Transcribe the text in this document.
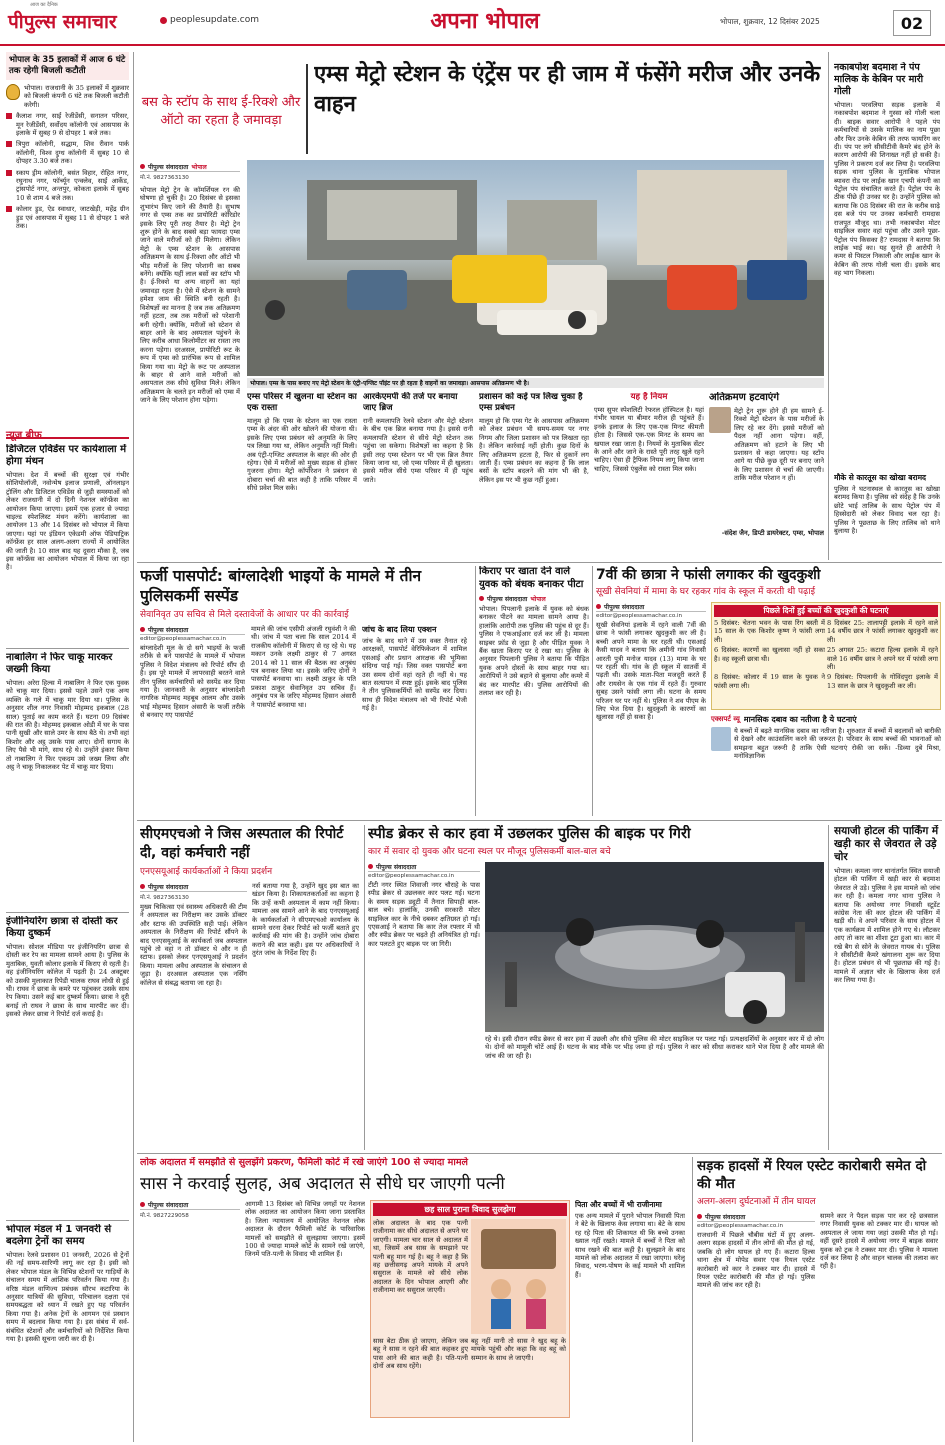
पीपुल्स समाचार
आज का दैनिक
peoplesupdate.com	अपना भोपाल	भोपाल, शुक्रवार, 12 दिसंबर 2025	02
भोपाल के 35 इलाकों में आज 6 घंटे तक रहेगी बिजली कटौती
भोपाल। राजधानी के 35 इलाकों में शुक्रवार को बिजली कंपनी 6 घंटे तक बिजली कटौती करेगी।
कैलाश नगर, साईं रेजीडेंसी, सनातन परिसर, मून रेजीडेंसी, सर्वोदय कॉलोनी एवं आसपास के इलाके में सुबह 9 से दोपहर 1 बजे तक।
त्रिपुरा कॉलोनी, सद्धाम, शिव रीवान पार्क कॉलोनी, विश्व दुग्ध कॉलोनी में सुबह 10 से दोपहर 3.30 बजे तक।
स्काय ड्रीम कॉलोनी, बसंत विहार, रोहित नगर, रघुनाथ नगर, फॉर्च्यून एन्क्लेव, साईं आर्केड, ट्रांसपोर्ट नगर, अन्तपुर, कोकता इलाके में सुबह 10 से शाम 4 बजे तक।
कोलार ड्रुड, ऐड स्वाधार, जाटखेड़ी, महेंद्र ग्रीन ड्रुड एवं आसपास में सुबह 11 से दोपहर 1 बजे तक।
न्यूज ब्रीफ
डिजिटल एविडेंस पर कार्यशाला में होगा मंथन
भोपाल। देश में बच्चों की सुरक्षा एवं गंभीर सोशियोलॉजी, नवोन्मेष इलाज प्रणाली, ऑनलाइन ट्रोलिंग और डिजिटल एविडेंस से जुड़ी समस्याओं को लेकर राजधानी में दो दिनी नेशनल कॉन्फ्रेंस का आयोजन किया जाएगा। इसमें एक हजार से ज्यादा चाइल्ड स्पेशलिस्ट मंथन करेंगे। कार्यशाला का आयोजन 13 और 14 दिसंबर को भोपाल में किया जाएगा। यहां पर इंडियन एकेडमी ऑफ पेडियाट्रिक कॉन्फ्रेंस हर साल अलग-अलग राज्यों में आयोजित की जाती है। 10 साल बाद यह दूसरा मौका है, जब इस कॉन्फ्रेंस का आयोजन भोपाल में किया जा रहा है।
नाबालिग ने फिर चाकू मारकर जख्मी किया
भोपाल। अरेरा हिल्स में नाबालिग ने फिर एक युवक को चाकू मार दिया। इससे पहले उसने एक अन्य व्यक्ति के गले में चाकू मार दिया था। पुलिस के अनुसार शील नगर निवासी मोहम्मद इकबाल (28 साल) पुताई का काम करते हैं। घटना 09 दिसंबर की रात की है। मोहम्मद इकबाल ओडी में घर के पास पानी सुखी और साले उमर के साथ बैठे थे। तभी वहां किशोर और अट्ठ उसके पास आए। दोनों सगाय के लिए पैसे भी मांगे, साथ रहे थे। उन्होंने इंकार किया तो नाबालिग ने फिर एकदम उसे जख्म लिया और अट्ठ ने चाकू निकालकर पेट में चाकू मार दिया।
इंजीनियरिंग छात्रा से दोस्ती कर किया दुष्कर्म
भोपाल। सोशल मीडिया पर इंजीनियरिंग छात्रा से दोस्ती कर रेप का मामला सामने आया है। पुलिस के मुताबिक, युवती कोलार इलाके में किराए से रहती है। वह इंजीनियरिंग कॉलेज में पढ़ती है। 24 अक्टूबर को उसकी मुलाकात रिपेडी चालक राघव लोधी से हुई थी। राघव ने छात्रा के कमरे पर पहुंचकर उसके साथ रेप किया। उसने कई बार दुष्कर्म किया। छात्रा ने दूरी बनाई तो राघव ने छात्रा के साथ मारपीट कर दी। इसको लेकर छात्रा ने रिपोर्ट दर्ज कराई है।
भोपाल मंडल में 1 जनवरी से बदलेगा ट्रेनों का समय
भोपाल। रेलवे प्रशासन 01 जनवरी, 2026 से ट्रेनों की नई समय-सारिणी लागू कर रहा है। इसी को लेकर भोपाल मंडल के विभिन्न स्टेशनों पर गाड़ियों के संचालन समय में आंशिक परिवर्तन किया गया है। वरिष्ठ मंडल वाणिज्य प्रबंधक सौरभ कटारिया के अनुसार यात्रियों की सुविधा, परिचालन दक्षता एवं समयबद्धता को ध्यान में रखते हुए यह परिवर्तन किया गया है। अनेक ट्रेनों के आगमन एवं प्रस्थान समय में बदलाव किया गया है। इस संबंध में सर्व-संबंधित स्टेशनों और कर्मचारियों को निर्देशित किया गया है। इसकी सूचना जारी कर दी है।
बस के स्टॉप के साथ ई-रिक्शे और ऑटो का रहता है जमावड़ा
एम्स मेट्रो स्टेशन के एंट्रेंस पर ही जाम में फंसेंगे मरीज और उनके वाहन
पीपुल्स संवाददाता भोपाल
मो.नं. 9827363130
भोपाल मेट्रो ट्रेन के कॉमर्शियल रन की घोषणा हो चुकी है। 20 दिसंबर से इसका शुभारंभ किए जाने की तैयारी है। सुभाष नगर से एम्स तक का प्रायोरिटी कॉरिडोर इसके लिए पूरी तरह तैयार है। मेट्रो ट्रेन शुरू होने के बाद सबसे बड़ा फायदा एम्स जाने वाले मरीजों को ही मिलेगा। लेकिन मेट्रो के एम्स स्टेशन के आसपास अतिक्रमण के साथ ई-रिक्शा और ऑटो भी भीड़ मरीजों के लिए परेशानी का सबब बनेंगे। क्योंकि यहीं लाल बसों का स्टॉप भी है। ई-रिक्शे या अन्य वाहनों का यहां जमावड़ा रहता है। ऐसे में स्टेशन के सामने हमेशा जाम की स्थिति बनी रहती है। विशेषज्ञों का मानना है जब तक अतिक्रमण नहीं हटता, तब तक मरीजों को परेशानी बनी रहेगी। क्योंकि, मरीजों को स्टेशन से बाहर आने के बाद अस्पताल पहुंचने के लिए करीब आधा किलोमीटर का रास्ता तय करना पड़ेगा। दरअसल, प्रायोरिटी रूट के रूप में एम्स को प्रारंभिक रूप से शामिल किया गया था। मेट्रो के रूट पर अस्पताल के बाहर से आने वाले मरीजों को असपताल तक सीधे सुविधा मिले। लेकिन अतिक्रमण के चलते इन मरीजों को एम्स में जाने के लिए परेशान होना पड़ेगा।
भोपाल। एम्स के पास बनाए गए मेट्रो स्टेशन के एंट्री-एग्जिट पॉइंट पर ही रहता है वाहनों का जमावड़ा। आसपास अतिक्रमण भी है।
एम्स परिसर में खुलना था स्टेशन का एक रास्ता
मालूम हो कि एम्स के स्टेशन का एक रास्ता एम्स के अंदर की ओर खोलने की योजना थी। इसके लिए एम्स प्रबंधन को अनुमति के लिए पत्र लिखा गया था, लेकिन अनुमति नहीं मिली। अब एंट्री-एग्जिट अस्पताल के बाहर की ओर ही रहेगा। ऐसे में मरीजों को मुख्य सड़क से होकर गुजरना होगा। मेट्रो कॉर्पोरेशन ने प्रबंधन से दोबारा चर्चा की बात कही है ताकि परिसर में सीधे प्रवेश मिल सके।
आरकेएमपी की तर्ज पर बनाया जाए ब्रिज
रानी कमलापति रेलवे स्टेशन और मेट्रो स्टेशन के बीच एक ब्रिज बनाया गया है। इससे रानी कमलापति स्टेशन से सीधे मेट्रो स्टेशन तक पहुंचा जा सकेगा। विशेषज्ञों का कहना है कि इसी तरह एम्स स्टेशन पर भी एक ब्रिज तैयार किया जाना था, जो एम्स परिसर में ही खुलता। इससे मरीज सीधे एम्स परिसर में ही पहुंच जाते।
प्रशासन को कई पत्र लिख चुका है एम्स प्रबंधन
मालूम हो कि एम्स गेट के आसपास अतिक्रमण को लेकर प्रबंधन भी समय-समय पर नगर निगम और जिला प्रशासन को पत्र लिखता रहा है। लेकिन कार्रवाई नहीं होती। कुछ दिनों के लिए अतिक्रमण हटता है, फिर से दुकानें लग जाती हैं। एम्स प्रबंधन का कहना है कि लाल बसों के स्टॉप बदलने की मांग भी की है, लेकिन इस पर भी कुछ नहीं हुआ।
यह है नियम
एम्स सुपर स्पेशलिटी रेफरल हॉस्पिटल है। यहां गंभीर घायल या बीमार मरीज ही पहुंचते हैं। इनके इलाज के लिए एक-एक मिनट कीमती होता है। जिससे एक-एक मिनट के समय का खयाल रखा जाता है। नियमों के मुताबिक सेंटर के आने और जाने के रास्ते पूरी तरह खुले रहने चाहिए। ऐसा ही ट्रैफिक नियम लागू किया जाना चाहिए, जिससे एंबुलेंस को रास्ता मिल सके।
अतिक्रमण हटवाएंगे
मेट्रो ट्रेन शुरू होने ही हम सामने ई-रिक्शे मेट्रो स्टेशन के पास मरीजों के लिए रहे कर देंगे। इससे मरीजों को पैदल नहीं आना पड़ेगा। वहीं, अतिक्रमण को हटाने के लिए भी प्रशासन से कहा जाएगा। यह स्टॉप आगे या पीछे कुछ दूरी पर बनाए जाने के लिए प्रशासन से चर्चा की जाएगी। ताकि मरीज परेशान न हों।
-संदेश जैन, डिप्टी डायरेक्टर, एम्स, भोपाल
नकाबपोश बदमाश ने पंप मालिक के केबिन पर मारी गोली
भोपाल। परवलिया सड़क इलाके में नकाबपोश बदमाश ने गुस्सा को गोली चला दी। बाइक सवार आरोपी ने पहले पंप कर्मचारियों से उसके मालिक का नाम पूछा और फिर उनके केबिन की तरफ फायरिंग कर दी। पंप पर लगे सीसीटीवी कैमरे बंद होने के कारण आरोपी की शिनाख्त नहीं हो सकी है। पुलिस ने प्रकरण दर्ज कर लिया है। परवलिया सड़क थाना पुलिस के मुताबिक भोपाल ब्यावरा रोड पर लाईक खान एचपी कंपनी का पेट्रोल पंप संचालित करते हैं। पेट्रोल पंप के ठीक पीछे ही उनका घर है। उन्होंने पुलिस को बताया कि 08 दिसंबर की रात के करीब साढ़े दस बजे पंप पर उनका कर्मचारी रामदास राजपूत मौजूद था। तभी नकाबपोश मोटर साइकिल सवार वहां पहुंचा और उसने पूछा-पेट्रोल पंप किसका है? रामदास ने बताया कि लाईक भाई का। यह सुनते ही आरोपी ने कमर से पिस्टल निकाली और लाईक खान के केबिन की तरफ गोली चला दी। इसके बाद वह भाग निकला।
मौके से कारतूस का खोखा बरामद
पुलिस ने घटनास्थल से कारतूस का खोखा बरामद किया है। पुलिस को संदेह है कि उनके छोटे भाई तालिब के साथ पेट्रोल पंप में हिस्सेदारी को लेकर विवाद चल रहा है। पुलिस ने पूछताछ के लिए तालिब को थाने बुलाया है।
फर्जी पासपोर्ट: बांग्लादेशी भाइयों के मामले में तीन पुलिसकर्मी सस्पेंड
सेवानिवृत उप सचिव से मिले दस्तावेजों के आधार पर की कार्रवाई
पीपुल्स संवाददाता
editor@peoplessamachar.co.in
बांग्लादेशी मूल के दो सगे भाइयों के फर्जी तरीके से बने पासपोर्ट के मामले में भोपाल पुलिस ने विदेश मंत्रालय को रिपोर्ट सौंप दी है। इस पूरे मामले में लापरवाही बरतने वाले तीन पुलिस कर्मचारियों को सस्पेंड कर दिया गया है। जानकारी के अनुसार बांग्लादेशी नागरिक मोहम्मद महबूब आलम और उसके भाई मोहम्मद हिसान अंसारी के फर्जी तरीके से बनवाए गए पासपोर्ट
मामले की जांच एसीपी अंजली रघुवंशी ने की थी। जांच में पता चला कि साल 2014 में राजकीय कॉलोनी में किराए से रह रहे थे। यह मकान उनके लक्ष्मी ठाकुर से 7 अगस्त 2014 को 11 साल की बैठक का अनुबंध पत्र बनाकर लिया था। इसके जरिए दोनों ने पासपोर्ट बनवाया था। लक्ष्मी ठाकुर के पति प्रकाश ठाकुर सेवानिवृत उप सचिव हैं। अनुबंध पत्र के जरिए मोहम्मद हिसान अंसारी ने पासपोर्ट बनवाया था।
जांच के बाद लिया एक्शन
जांच के बाद थाने में उस वक्त तैनात रहे आरक्षकों, पासपोर्ट वेरिफिकेशन में शामिल एसआई और प्रधान आरक्षक की भूमिका संदिग्ध पाई गई। जिस वक्त पासपोर्ट बना उस समय दोनों वहां रहते ही नहीं थे। यह बात सत्यापन में स्पष्ट हुई। इसके बाद पुलिस ने तीन पुलिसकर्मियों को सस्पेंड कर दिया। साथ ही विदेश मंत्रालय को भी रिपोर्ट भेजी गई है।
किराए पर खाता देने वाले युवक को बंधक बनाकर पीटा
पीपुल्स संवाददाता भोपाल
भोपाल। पिपलानी इलाके में युवक को बंधक बनाकर पीटने का मामला सामने आया है। हालांकि आरोपी तक पुलिस की पहुंच से दूर हैं। पुलिस ने एफआईआर दर्ज कर ली है। मामला साइबर फ्रॉड से जुड़ा है और पीड़ित युवक ने बैंक खाता किराए पर दे रखा था। पुलिस के अनुसार पिपलानी पुलिस ने बताया कि पीड़ित युवक अपने दोस्तों के साथ बाहर गया था। आरोपियों ने उसे बहाने से बुलाया और कमरे में बंद कर मारपीट की। पुलिस आरोपियों की तलाश कर रही है।
7वीं की छात्रा ने फांसी लगाकर की खुदकुशी
सूखी सेवनियां में मामा के घर रहकर गांव के स्कूल में करती थी पढ़ाई
पीपुल्स संवाददाता
editor@peoplessamachar.co.in
सूखी सेवनियां इलाके में रहने वाली 7वीं की छात्रा ने फांसी लगाकर खुदकुशी कर ली है। बच्ची अपने मामा के घर रहती थी। एसआई कैसी यादव ने बताया कि अमीनी गांव निवासी आरती पुत्री मनोज यादव (13) मामा के घर पर रहती थी। गांव के ही स्कूल में सातवीं में पढ़ती थी। उसके माता-पिता मजदूरी करते हैं और रायसेन के एक गांव में रहते हैं। गुरुवार सुबह उसने फांसी लगा ली। घटना के समय परिजन घर पर नहीं थे। पुलिस ने शव पीएम के लिए भेज दिया है। खुदकुशी के कारणों का खुलासा नहीं हो सका है।
पिछले दिनों हुई बच्चों की खुदकुशी की घटनाएं
5 दिसंबर: चेतना भवन के पास रिंग बस्ती में 15 साल के एक किशोर कृष्ण ने फांसी लगा ली।
8 दिसंबर 25: तालापट्टी इलाके में रहने वाले 14 वर्षीय छात्र ने फांसी लगाकर खुदकुशी कर ली।
6 दिसंबर: कारणों का खुलासा नहीं हो सका है। वह स्कूली छात्रा थी।
25 अगस्त 25: कटारा हिल्स इलाके में रहने वाले 16 वर्षीय छात्र ने अपने घर में फांसी लगा ली।
8 दिसंबर: कोलार में 19 साल के युवक ने फांसी लगा ली।
9 दिसंबर: पिपलानी के गोविंदपुरा इलाके में 13 साल के छात्र ने खुदकुशी कर ली।
एक्सपर्ट व्यू मानसिक दबाव का नतीजा है ये घटनाएं
ये बच्चों में बढ़ते मानसिक दबाव का नतीजा है। शुरुआत में बच्चों में बदलावों को बारीकी से देखने और काउंसलिंग करने की जरूरत है। परिवार के साथ बच्चों की भावनाओं को समझना बहुत जरूरी है ताकि ऐसी घटनाएं रोकी जा सकें। -डिव्या दुबे मिश्रा, मनोविज्ञानिक
सीएमएचओ ने जिस अस्पताल की रिपोर्ट दी, वहां कर्मचारी नहीं
एनएसयूआई कार्यकर्ताओं ने किया प्रदर्शन
पीपुल्स संवाददाता
मो.नं. 9827363130
मुख्य चिकित्सा एवं स्वास्थ्य अधिकारी की टीम ने अस्पताल का निरीक्षण कर उसके डॉक्टर और स्टाफ की उपस्थिति सही पाई। लेकिन अस्पताल के निरीक्षण की रिपोर्ट सौंपने के बाद एनएसयूआई के कार्यकर्ता जब अस्पताल पहुंचे तो वहां न तो डॉक्टर थे और न ही स्टाफ। इसको लेकर एनएसयूआई ने प्रदर्शन किया। मामला अवैध अस्पताल के संचालन से जुड़ा है। दरअसल अस्पताल एक नर्सिंग कॉलेज से संबद्ध बताया जा रहा है।
नर्स बताया गया है, उन्होंने खुद इस बात का खंडन किया है। शिकायतकर्ताओं का कहना है कि उन्हें कभी अस्पताल में काम नहीं किया। मामला अब सामने आने के बाद एनएसयूआई के कार्यकर्ताओं ने सीएमएचओ कार्यालय के सामने धरना देकर रिपोर्ट को फर्जी बताते हुए कार्रवाई की मांग की है। उन्होंने जांच दोबारा कराने की बात कही। इस पर अधिकारियों ने तुरंत जांच के निर्देश दिए हैं।
स्पीड ब्रेकर से कार हवा में उछलकर पुलिस की बाइक पर गिरी
कार में सवार दो युवक और घटना स्थल पर मौजूद पुलिसकर्मी बाल-बाल बचे
पीपुल्स संवाददाता
editor@peoplessamachar.co.in
टीटी नगर स्थित शिवाजी नगर चौराहे के पास स्पीड ब्रेकर से उछलकर कार पलट गई। घटना के समय सड़क ड्यूटी में तैनात सिपाही बाल-बाल बचे। हालांकि, उनकी सरकारी मोटर साइकिल कार के नीचे दबकर क्षतिग्रस्त हो गई। एएसआई ने बताया कि कार तेज रफ्तार में थी और स्पीड ब्रेकर पर चढ़ते ही अनियंत्रित हो गई। कार पलटते हुए बाइक पर जा गिरी।
रहे थे। इसी दौरान स्पीड ब्रेकर से कार हवा में उछली और सीधे पुलिस की मोटर साइकिल पर पलट गई। प्रत्यक्षदर्शियों के अनुसार कार में दो लोग थे। दोनों को मामूली चोटें आई हैं। घटना के बाद मौके पर भीड़ जमा हो गई। पुलिस ने कार को सीधा कराकर थाने भेज दिया है और मामले की जांच की जा रही है।
सयाजी होटल की पार्किंग में खड़ी कार से जेवरात ले उड़े चोर
भोपाल। कमला नगर थानांतर्गत स्थित सयाजी होटल की पार्किंग में खड़ी कार से बदमाश जेवरात ले उड़े। पुलिस ने इस मामले को जांच कर रही है। कमला नगर थाना पुलिस ने बताया कि अयोध्या नगर निवासी स्टूडेंट कांग्रेस नेता की कार होटल की पार्किंग में खड़ी थी। वे अपने परिवार के साथ होटल में एक कार्यक्रम में शामिल होने गए थे। लौटकर आए तो कार का शीशा टूटा हुआ था। कार में रखे बैग से सोने के जेवरात गायब थे। पुलिस ने सीसीटीवी कैमरे खंगालना शुरू कर दिया है। होटल प्रबंधन से भी पूछताछ की गई है। मामले में अज्ञात चोर के खिलाफ केस दर्ज कर लिया गया है।
लोक अदालत में समझौते से सुलझेंगे प्रकरण, फैमिली कोर्ट में रखे जाएंगे 100 से ज्यादा मामले
सास ने करवाई सुलह, अब अदालत से सीधे घर जाएगी पत्नी
पीपुल्स संवाददाता
मो.नं. 9827229058
आगामी 13 दिसंबर को विभिन्न जगहों पर नेशनल लोक अदालत का आयोजन किया जाना प्रस्तावित है। जिला न्यायालय में आयोजित नेशनल लोक अदालत के दौरान फैमिली कोर्ट के पारिवारिक मामलों को समझौते से सुलझाया जाएगा। इसमें 100 से ज्यादा मामले कोर्ट के सामने रखे जाएंगे, जिनमें पति-पत्नी के विवाद भी शामिल हैं।
छह साल पुराना विवाद सुलझेगा
लोक अदालत के बाद एक पत्नी राजीनामा कर सीधे अदालत से अपने घर जाएगी। मामला चार साल से अदालत में था, जिसमें अब सास के समझाने पर पत्नी बहू मान गई है। बहू ने कहा है कि वह छत्तीसगढ़ अपने मायके में अपने ससुराल के मामले को सीधे लोक अदालत के दिन भोपाल आएगी और राजीनामा कर ससुराल जाएगी।
सास बेटा ठीक हो जाएगा, लेकिन जब बहू ने सास न रहने की बात कहकर हुए पास आने की बात कही है। पति-पत्नी दोनों अब साथ रहेंगे।
बहू नहीं मानी तो सास ने खुद बहू के मायके पहुंची और कहा कि वह बहू को सम्मान के साथ ले जाएगी।
पिता और बच्चों में भी राजीनामा
एक अन्य मामले में पुराने भोपाल निवासी पिता ने बेटे के खिलाफ केस लगाया था। बेटे के साथ रह रहे पिता की शिकायत थी कि बच्चे उनका ख्याल नहीं रखते। मामले में बच्चों ने पिता को साथ रखने की बात कही है। सुलझाने के बाद मामले को लोक अदालत में रखा जाएगा। घरेलू विवाद, भरण-पोषण के कई मामले भी शामिल हैं।
सड़क हादसों में रियल एस्टेट कारोबारी समेत दो की मौत
अलग-अलग दुर्घटनाओं में तीन घायल
पीपुल्स संवाददाता
editor@peoplessamachar.co.in
राजधानी में पिछले चौबीस घंटों में हुए अलग-अलग सड़क हादसों में तीन लोगों की मौत हो गई, जबकि दो लोग घायल हो गए हैं। कटारा हिल्स थाना क्षेत्र में मोपेड सवार एक रियल एस्टेट कारोबारी को कार ने टक्कर मार दी। हादसे में रियल एस्टेट कारोबारी की मौत हो गई। पुलिस मामले की जांच कर रही है।
सामने कार ने पैदल सड़क पार कर रहे छत्रसाल नगर निवासी युवक को टक्कर मार दी। घायल को अस्पताल ले जाया गया जहां उसकी मौत हो गई। वहीं दूसरे हादसे में अयोध्या नगर में बाइक सवार युवक को ट्रक ने टक्कर मार दी। पुलिस ने मामला दर्ज कर लिया है और वाहन चालक की तलाश कर रही है।
